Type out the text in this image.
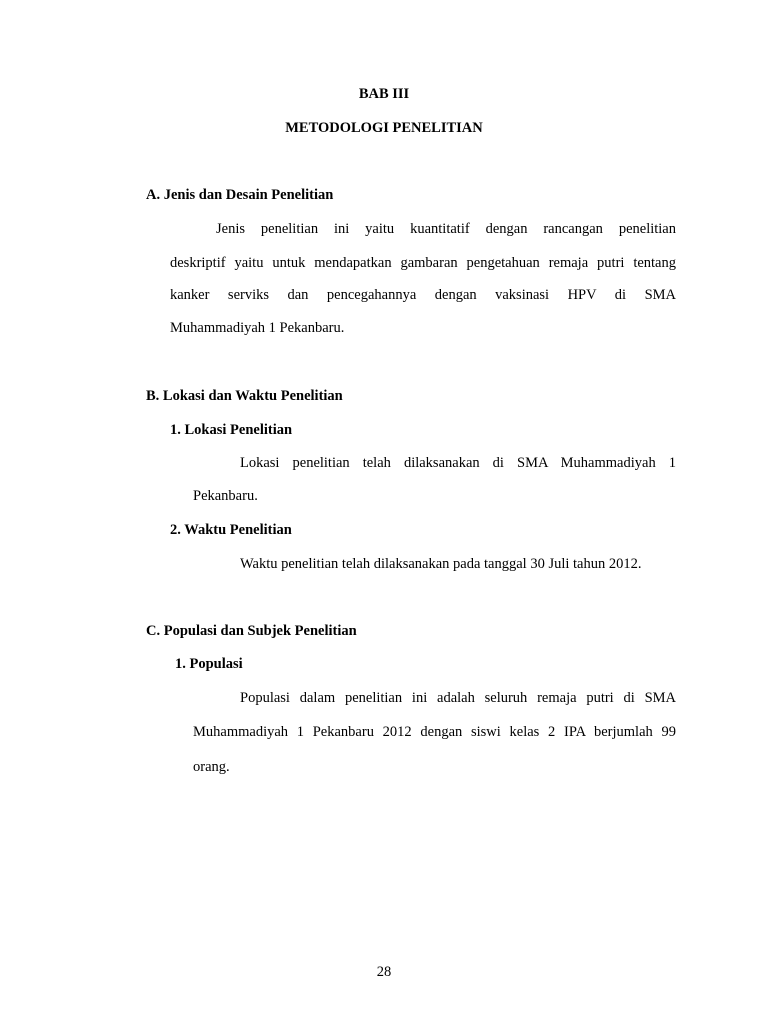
BAB III
METODOLOGI PENELITIAN
A. Jenis dan Desain Penelitian
Jenis penelitian ini yaitu kuantitatif dengan rancangan penelitian
deskriptif yaitu untuk mendapatkan gambaran pengetahuan remaja putri tentang
kanker serviks dan pencegahannya dengan vaksinasi HPV di SMA
Muhammadiyah 1 Pekanbaru.
B. Lokasi dan Waktu Penelitian
1. Lokasi Penelitian
Lokasi penelitian telah dilaksanakan di SMA Muhammadiyah 1
Pekanbaru.
2. Waktu Penelitian
Waktu penelitian telah dilaksanakan pada tanggal 30 Juli tahun 2012.
C. Populasi dan Subjek Penelitian
1. Populasi
Populasi dalam penelitian ini adalah seluruh remaja putri di SMA
Muhammadiyah 1 Pekanbaru 2012 dengan siswi kelas 2 IPA berjumlah 99
orang.
28
